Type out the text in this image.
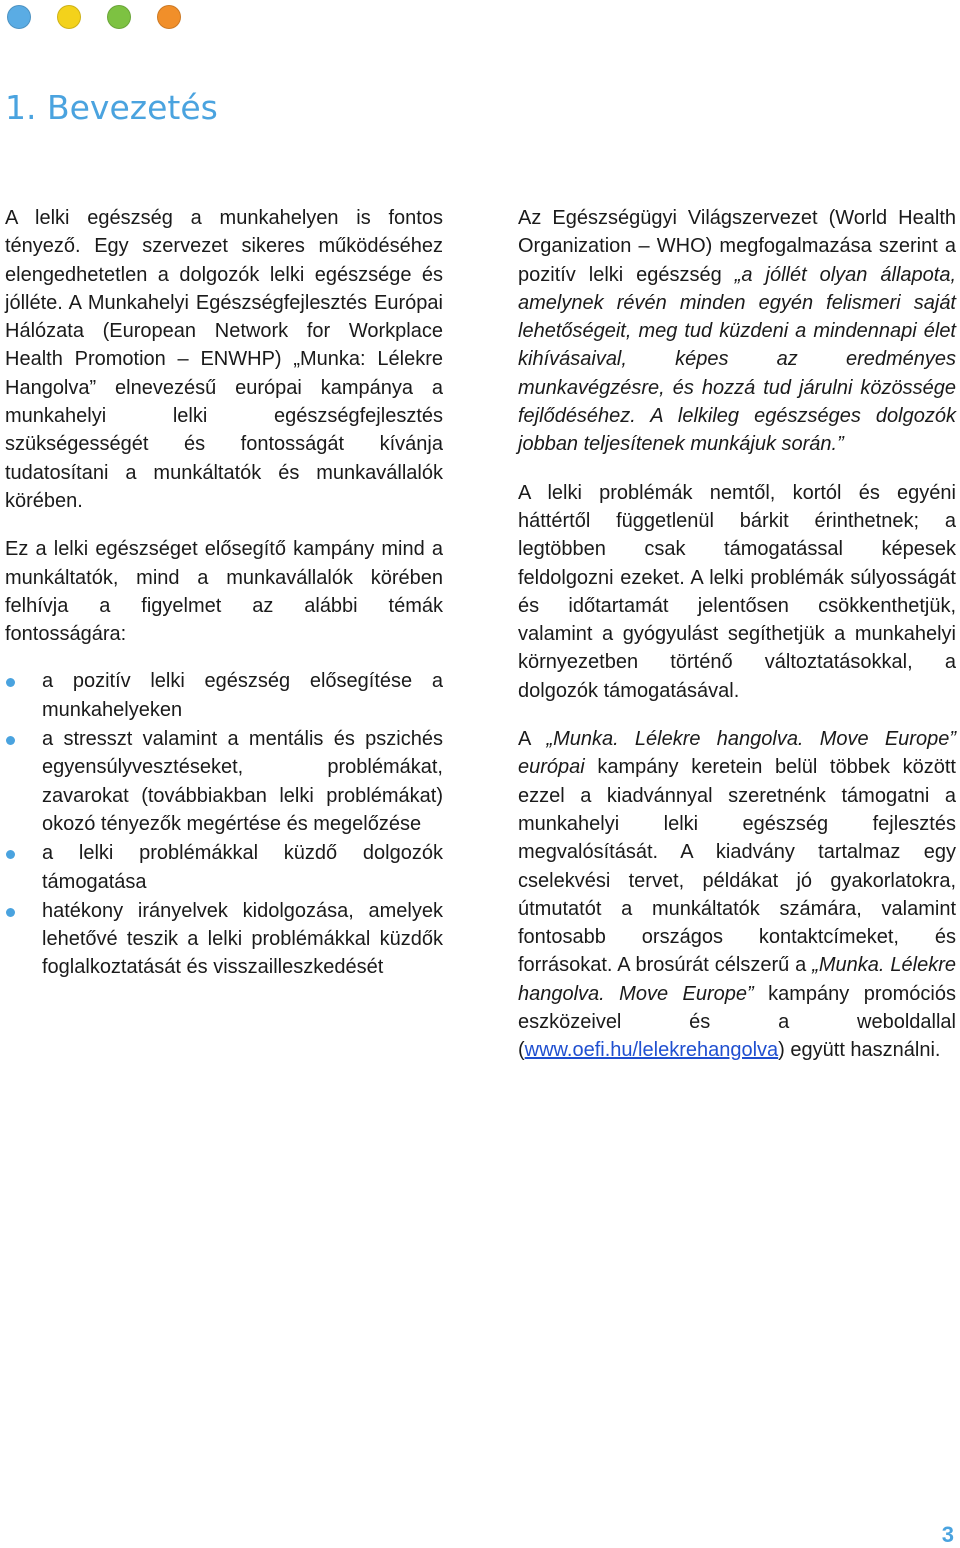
1. Bevezetés

A lelki egészség a munkahelyen is fontos tényező. Egy szervezet sikeres működéséhez elengedhetetlen a dolgozók lelki egészsége és jólléte. A Munkahelyi Egészségfejlesztés Európai Hálózata (European Network for Workplace Health Promotion – ENWHP) „Munka: Lélekre Hangolva” elnevezésű európai kampánya a munkahelyi lelki egészségfejlesztés szükségességét és fontosságát kívánja tudatosítani a munkáltatók és munkavállalók körében.

Ez a lelki egészséget elősegítő kampány mind a munkáltatók, mind a munkavállalók körében felhívja a figyelmet az alábbi témák fontosságára:

a pozitív lelki egészség elősegítése a munkahelyeken
a stresszt valamint a mentális és pszichés egyensúlyvesztéseket, problémákat, zavarokat (továbbiakban lelki problémákat) okozó tényezők megértése és megelőzése
a lelki problémákkal küzdő dolgozók támogatása
hatékony irányelvek kidolgozása, amelyek lehetővé teszik a lelki problémákkal küzdők foglalkoztatását és visszailleszkedését

Az Egészségügyi Világszervezet (World Health Organization – WHO) megfogalmazása szerint a pozitív lelki egészség „a jóllét olyan állapota, amelynek révén minden egyén felismeri saját lehetőségeit, meg tud küzdeni a mindennapi élet kihívásaival, képes az eredményes munkavégzésre, és hozzá tud járulni közössége fejlődéséhez. A lelkileg egészséges dolgozók jobban teljesítenek munkájuk során.”

A lelki problémák nemtől, kortól és egyéni háttértől függetlenül bárkit érinthetnek; a legtöbben csak támogatással képesek feldolgozni ezeket. A lelki problémák súlyosságát és időtartamát jelentősen csökkenthetjük, valamint a gyógyulást segíthetjük a munkahelyi környezetben történő változtatásokkal, a dolgozók támogatásával.

A „Munka. Lélekre hangolva. Move Europe” európai kampány keretein belül többek között ezzel a kiadvánnyal szeretnénk támogatni a munkahelyi lelki egészség fejlesztés megvalósítását. A kiadvány tartalmaz egy cselekvési tervet, példákat jó gyakorlatokra, útmutatót a munkáltatók számára, valamint fontosabb országos kontaktcímeket, és forrásokat. A brosúrát célszerű a „Munka. Lélekre hangolva. Move Europe” kampány promóciós eszközeivel és a weboldallal (www.oefi.hu/lelekrehangolva) együtt használni.

3
